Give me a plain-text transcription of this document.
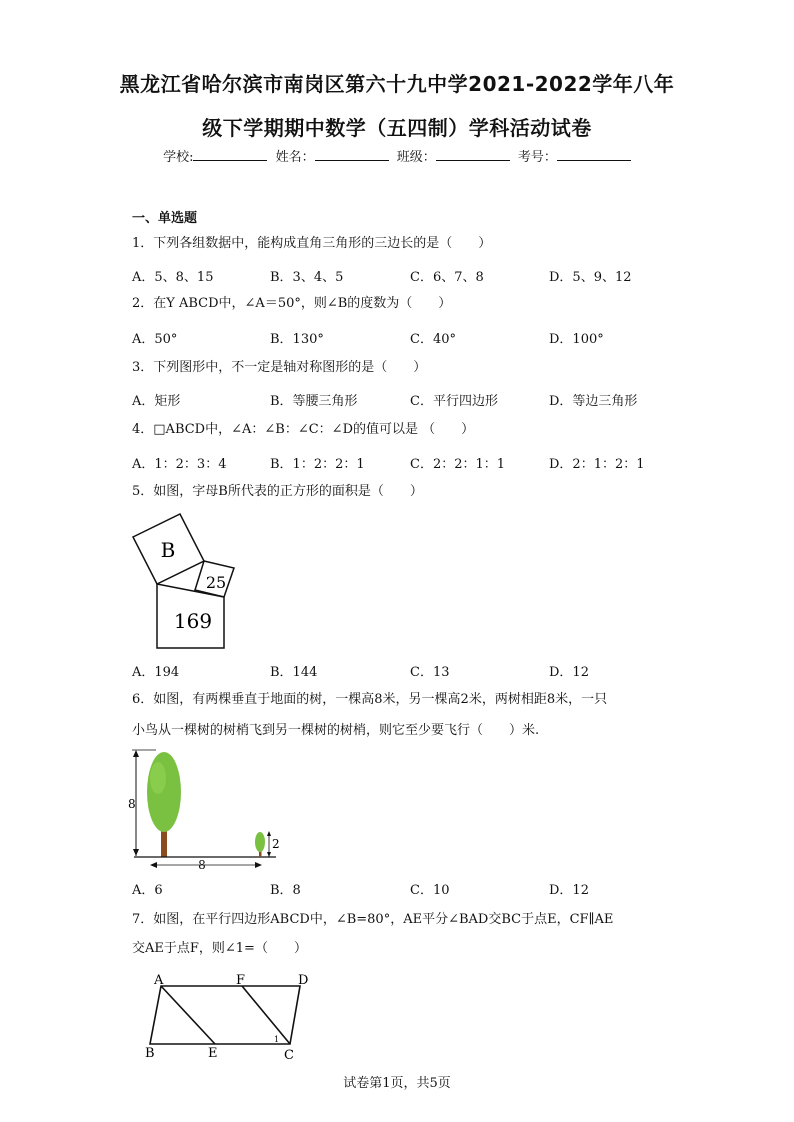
黑龙江省哈尔滨市南岗区第六十九中学2021-2022学年八年
级下学期期中数学（五四制）学科活动试卷
学校:	姓名：	班级：	考号：
一、单选题
1．下列各组数据中，能构成直角三角形的三边长的是（　　）
A．5、8、15	B．3、4、5	C．6、7、8	D．5、9、12
2．在Y ABCD中，∠A＝50°，则∠B的度数为（　　）
A．50°	B．130°	C．40°	D．100°
3．下列图形中，不一定是轴对称图形的是（　　）
A．矩形	B．等腰三角形	C．平行四边形	D．等边三角形
4．□ABCD中，∠A：∠B：∠C：∠D的值可以是 （　　）
A．1：2：3：4	B．1：2：2：1	C．2：2：1：1	D．2：1：2：1
5．如图，字母B所代表的正方形的面积是（　　）
B
25
169
A．194	B．144	C．13	D．12
6．如图，有两棵垂直于地面的树，一棵高8米，另一棵高2米，两树相距8米，一只
小鸟从一棵树的树梢飞到另一棵树的树梢，则它至少要飞行（　　）米.
8
2
8
A．6	B．8	C．10	D．12
7．如图，在平行四边形ABCD中，∠B=80°，AE平分∠BAD交BC于点E，CF∥AE
交AE于点F，则∠1=（　　）
A	F	D
B	E	C
1
试卷第1页，共5页
